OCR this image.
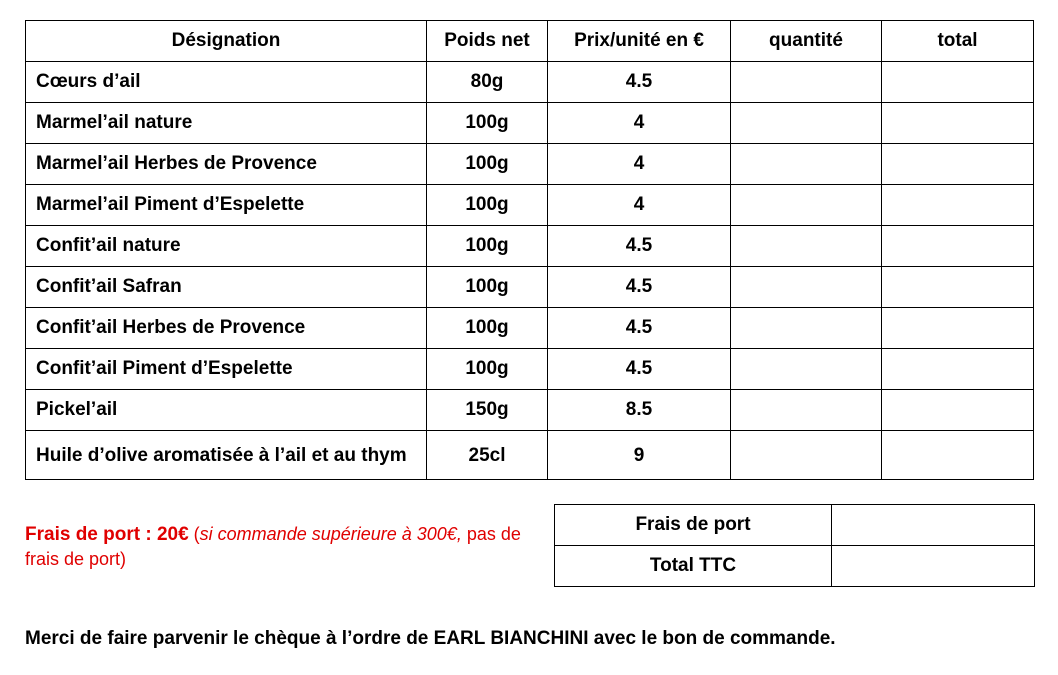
Désignation	Poids net	Prix/unité en €	quantité	total
Cœurs d’ail	80g	4.5		
Marmel’ail nature	100g	4		
Marmel’ail Herbes de Provence	100g	4		
Marmel’ail Piment d’Espelette	100g	4		
Confit’ail nature	100g	4.5		
Confit’ail Safran	100g	4.5		
Confit’ail Herbes de Provence	100g	4.5		
Confit’ail Piment d’Espelette	100g	4.5		
Pickel’ail	150g	8.5		
Huile d’olive aromatisée à l’ail et au thym	25cl	9		
Frais de port : 20€ (si commande supérieure à 300€, pas de frais de port)
Frais de port	
Total TTC	
Merci de faire parvenir le chèque à l’ordre de EARL BIANCHINI avec le bon de commande.
